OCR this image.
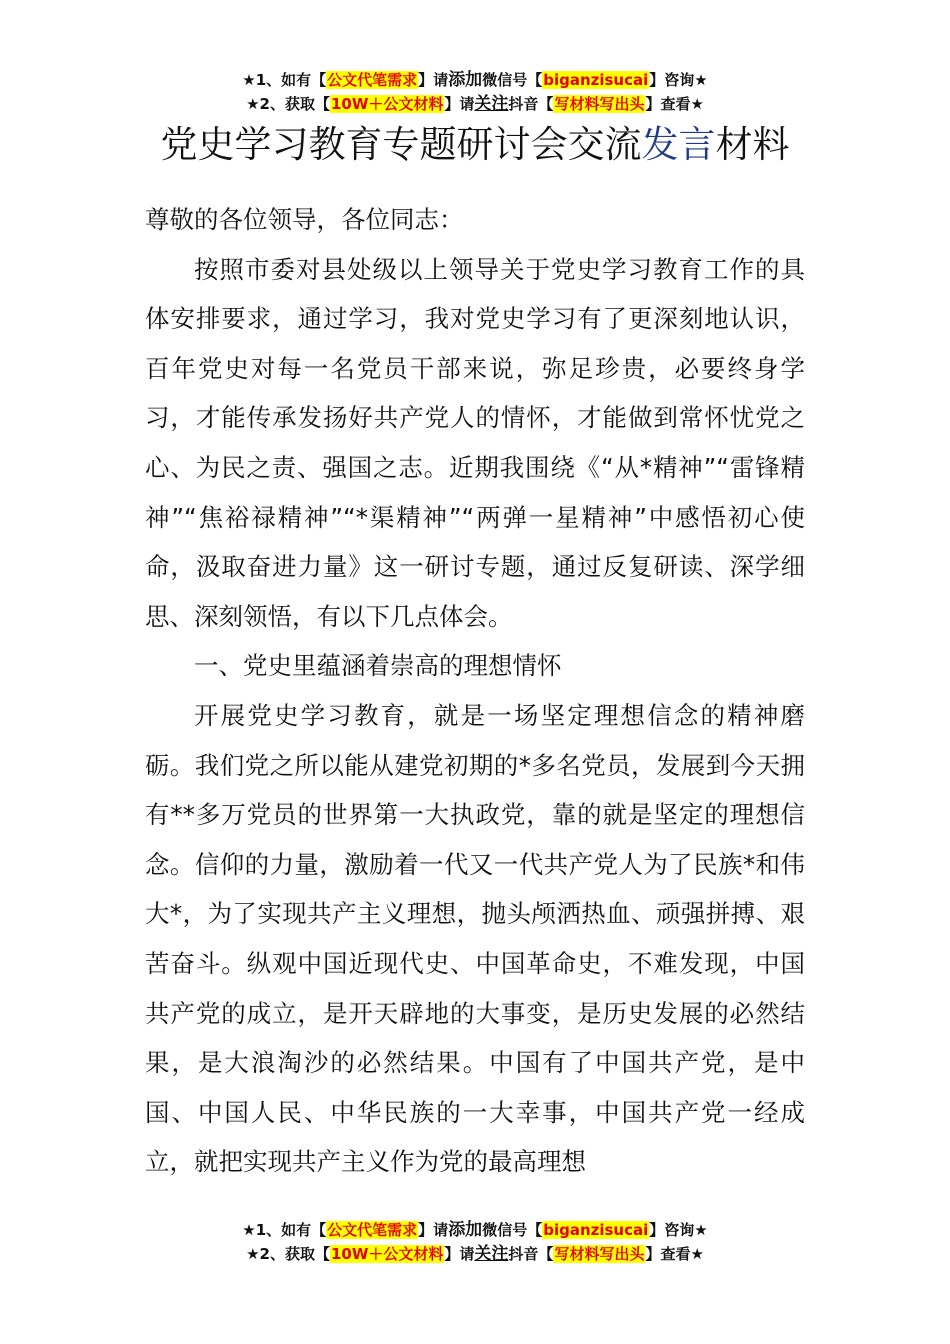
★1、如有【公文代笔需求】请添加微信号【biganzisucai】咨询★
★2、获取【10W＋公文材料】请关注抖音【写材料写出头】查看★
党史学习教育专题研讨会交流发言材料

尊敬的各位领导，各位同志：

按照市委对县处级以上领导关于党史学习教育工作的具体安排要求，通过学习，我对党史学习有了更深刻地认识，百年党史对每一名党员干部来说，弥足珍贵，必要终身学习，才能传承发扬好共产党人的情怀，才能做到常怀忧党之心、为民之责、强国之志。近期我围绕《“从*精神”“雷锋精神”“焦裕禄精神”“*渠精神”“两弹一星精神”中感悟初心使命，汲取奋进力量》这一研讨专题，通过反复研读、深学细思、深刻领悟，有以下几点体会。

一、党史里蕴涵着崇高的理想情怀

开展党史学习教育，就是一场坚定理想信念的精神磨砺。我们党之所以能从建党初期的*多名党员，发展到今天拥有**多万党员的世界第一大执政党，靠的就是坚定的理想信念。信仰的力量，激励着一代又一代共产党人为了民族*和伟大*，为了实现共产主义理想，抛头颅洒热血、顽强拼搏、艰苦奋斗。纵观中国近现代史、中国革命史，不难发现，中国共产党的成立，是开天辟地的大事变，是历史发展的必然结果，是大浪淘沙的必然结果。中国有了中国共产党，是中国、中国人民、中华民族的一大幸事，中国共产党一经成立，就把实现共产主义作为党的最高理想

★1、如有【公文代笔需求】请添加微信号【biganzisucai】咨询★
★2、获取【10W＋公文材料】请关注抖音【写材料写出头】查看★
